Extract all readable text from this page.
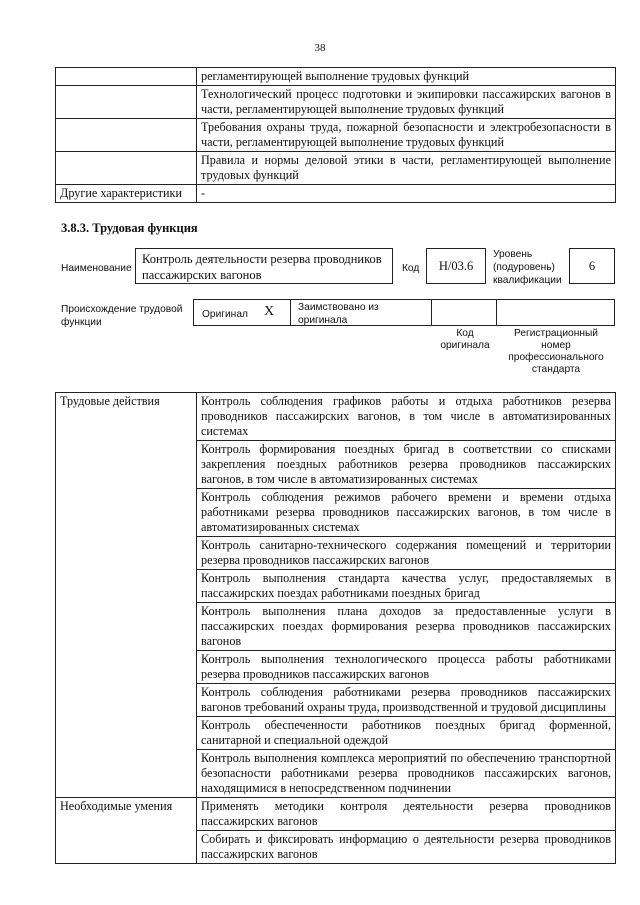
38
	регламентирующей выполнение трудовых функций
	Технологический процесс подготовки и экипировки пассажирских вагонов в части, регламентирующей выполнение трудовых функций
	Требования охраны труда, пожарной безопасности и электробезопасности в части, регламентирующей выполнение трудовых функций
	Правила и нормы деловой этики в части, регламентирующей выполнение трудовых функций
Другие характеристики	-
3.8.3. Трудовая функция
Наименование
Контроль деятельности резерва проводников пассажирских вагонов	Код Н/03.6
Уровень (подуровень) квалификации
6
Происхождение трудовой функции
Оригинал X Заимствовано из оригинала
Код оригинала
Регистрационный номер профессионального стандарта
Трудовые действия	Контроль соблюдения графиков работы и отдыха работников резерва проводников пассажирских вагонов, в том числе в автоматизированных системах
	Контроль формирования поездных бригад в соответствии со списками закрепления поездных работников резерва проводников пассажирских вагонов, в том числе в автоматизированных системах
	Контроль соблюдения режимов рабочего времени и времени отдыха работниками резерва проводников пассажирских вагонов, в том числе в автоматизированных системах
	Контроль санитарно-технического содержания помещений и территории резерва проводников пассажирских вагонов
	Контроль выполнения стандарта качества услуг, предоставляемых в пассажирских поездах работниками поездных бригад
	Контроль выполнения плана доходов за предоставленные услуги в пассажирских поездах формирования резерва проводников пассажирских вагонов
	Контроль выполнения технологического процесса работы работниками резерва проводников пассажирских вагонов
	Контроль соблюдения работниками резерва проводников пассажирских вагонов требований охраны труда, производственной и трудовой дисциплины
	Контроль обеспеченности работников поездных бригад форменной, санитарной и специальной одеждой
	Контроль выполнения комплекса мероприятий по обеспечению транспортной безопасности работниками резерва проводников пассажирских вагонов, находящимися в непосредственном подчинении
Необходимые умения	Применять методики контроля деятельности резерва проводников пассажирских вагонов
	Собирать и фиксировать информацию о деятельности резерва проводников пассажирских вагонов
